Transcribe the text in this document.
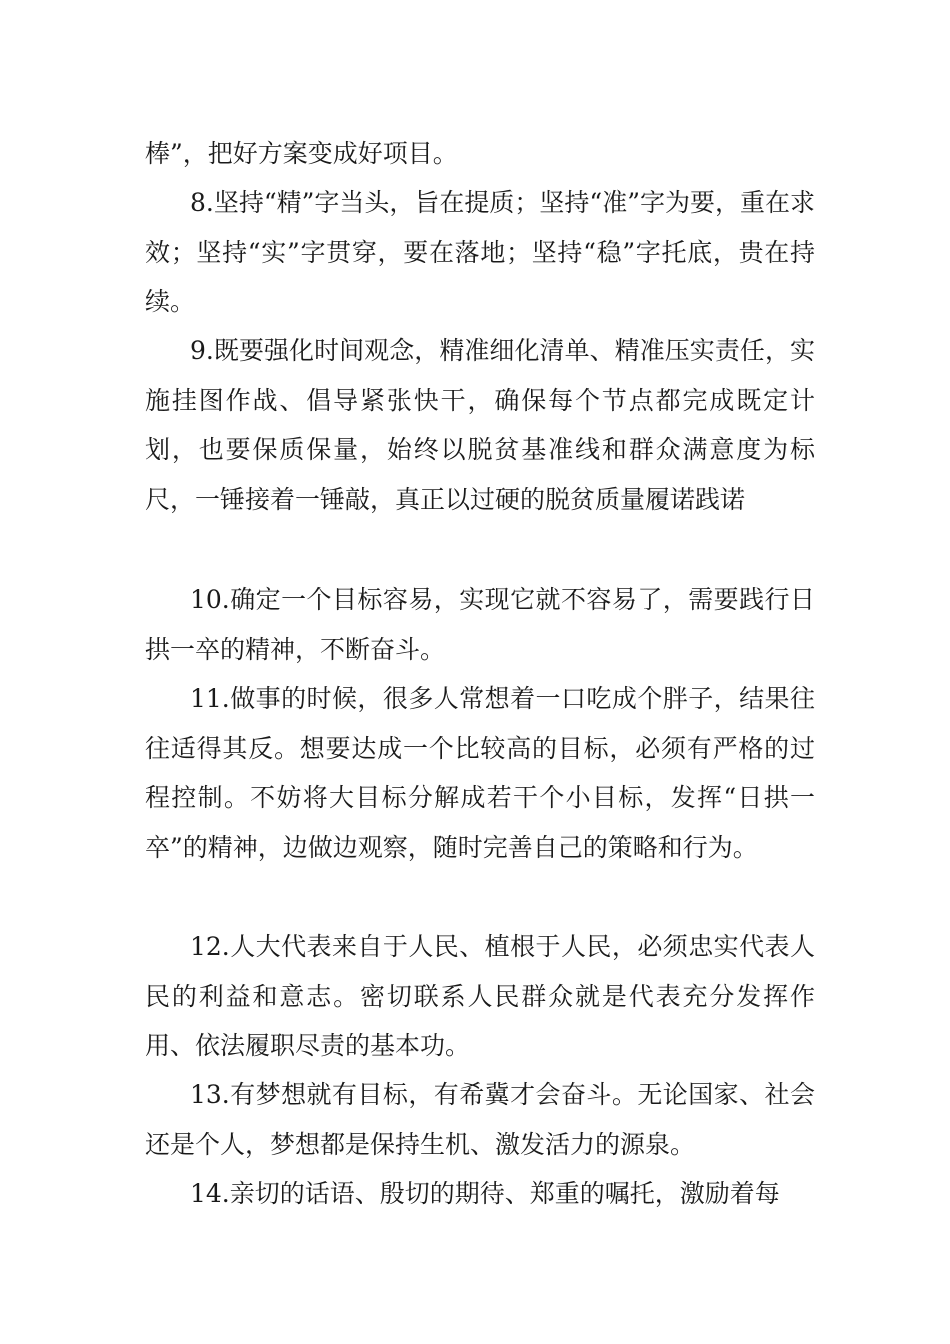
棒”，把好方案变成好项目。

8.坚持“精”字当头，旨在提质；坚持“准”字为要，重在求效；坚持“实”字贯穿，要在落地；坚持“稳”字托底，贵在持续。

9.既要强化时间观念，精准细化清单、精准压实责任，实施挂图作战、倡导紧张快干，确保每个节点都完成既定计划，也要保质保量，始终以脱贫基准线和群众满意度为标尺，一锤接着一锤敲，真正以过硬的脱贫质量履诺践诺

10.确定一个目标容易，实现它就不容易了，需要践行日拱一卒的精神，不断奋斗。

11.做事的时候，很多人常想着一口吃成个胖子，结果往往适得其反。想要达成一个比较高的目标，必须有严格的过程控制。不妨将大目标分解成若干个小目标，发挥“日拱一卒”的精神，边做边观察，随时完善自己的策略和行为。

12.人大代表来自于人民、植根于人民，必须忠实代表人民的利益和意志。密切联系人民群众就是代表充分发挥作用、依法履职尽责的基本功。

13.有梦想就有目标，有希冀才会奋斗。无论国家、社会还是个人，梦想都是保持生机、激发活力的源泉。

14.亲切的话语、殷切的期待、郑重的嘱托，激励着每
